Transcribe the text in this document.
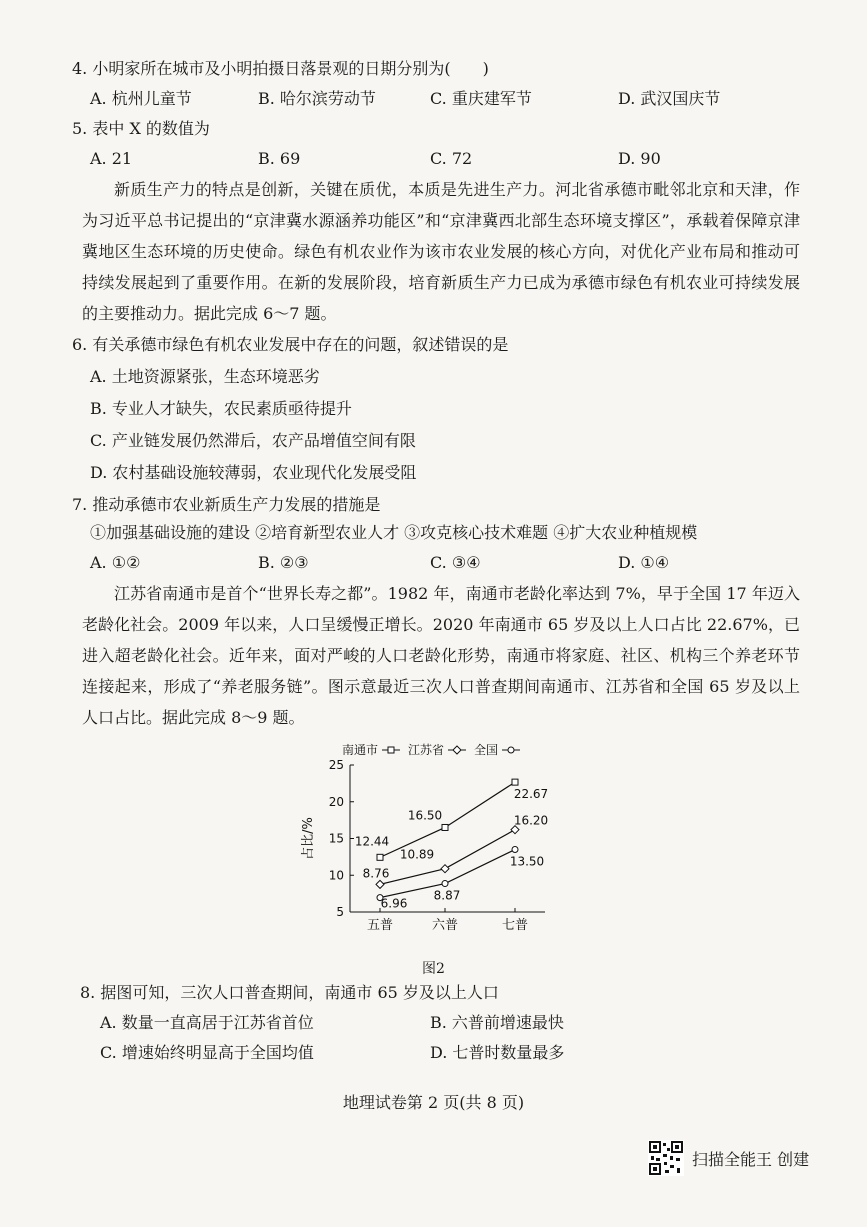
4. 小明家所在城市及小明拍摄日落景观的日期分别为(　　)
A. 杭州儿童节	B. 哈尔滨劳动节	C. 重庆建军节	D. 武汉国庆节
5. 表中 X 的数值为
A. 21	B. 69	C. 72	D. 90

新质生产力的特点是创新，关键在质优，本质是先进生产力。河北省承德市毗邻北京和天津，作为习近平总书记提出的“京津冀水源涵养功能区”和“京津冀西北部生态环境支撑区”，承载着保障京津冀地区生态环境的历史使命。绿色有机农业作为该市农业发展的核心方向，对优化产业布局和推动可持续发展起到了重要作用。在新的发展阶段，培育新质生产力已成为承德市绿色有机农业可持续发展的主要推动力。据此完成 6～7 题。

6. 有关承德市绿色有机农业发展中存在的问题，叙述错误的是
A. 土地资源紧张，生态环境恶劣
B. 专业人才缺失，农民素质亟待提升
C. 产业链发展仍然滞后，农产品增值空间有限
D. 农村基础设施较薄弱，农业现代化发展受阻
7. 推动承德市农业新质生产力发展的措施是
①加强基础设施的建设 ②培育新型农业人才 ③攻克核心技术难题 ④扩大农业种植规模
A. ①②	B. ②③	C. ③④	D. ①④

江苏省南通市是首个“世界长寿之都”。1982 年，南通市老龄化率达到 7%，早于全国 17 年迈入老龄化社会。2009 年以来，人口呈缓慢正增长。2020 年南通市 65 岁及以上人口占比 22.67%，已进入超老龄化社会。近年来，面对严峻的人口老龄化形势，南通市将家庭、社区、机构三个养老环节连接起来，形成了“养老服务链”。图示意最近三次人口普查期间南通市、江苏省和全国 65 岁及以上人口占比。据此完成 8～9 题。

5
10
15
20
25
占比/%
五普	六普	七普
12.44
16.50
22.67
8.76
10.89
16.20
6.96
8.87
13.50
南通市 江苏省 全国
图2
8. 据图可知，三次人口普查期间，南通市 65 岁及以上人口
A. 数量一直高居于江苏省首位	B. 六普前增速最快
C. 增速始终明显高于全国均值	D. 七普时数量最多
地理试卷第 2 页(共 8 页)
扫描全能王 创建
